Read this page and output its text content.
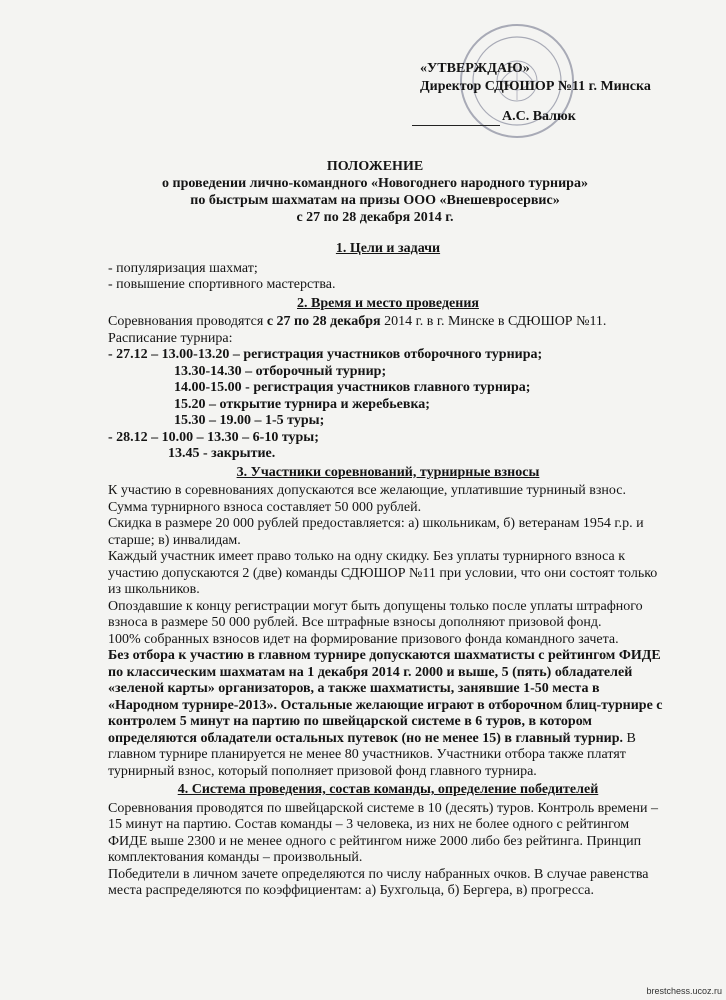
«УТВЕРЖДАЮ»
Директор СДЮШОР №11 г. Минска
А.С. Валюк
ПОЛОЖЕНИЕ
о проведении лично-командного «Новогоднего народного турнира»
по быстрым шахматам на призы ООО «Внешеврoсервис»
с 27 по 28 декабря 2014 г.
1. Цели и задачи

- популяризация шахмат;

- повышение спортивного мастерства.

2. Время и место проведения

Соревнования проводятся с 27 по 28 декабря 2014 г. в г. Минске в СДЮШОР №11.

Расписание турнира:

- 27.12 – 13.00-13.20 – регистрация участников отборочного турнира;
13.30-14.30 – отборочный турнир;
14.00-15.00 - регистрация участников главного турнира;
15.20 – открытие турнира и жеребьевка;
15.30 – 19.00 – 1-5 туры;
- 28.12 – 10.00 – 13.30 – 6-10 туры;
13.45 - закрытие.
3. Участники соревнований, турнирные взносы

К участию в соревнованиях допускаются все желающие, уплатившие турниный взнос. Сумма турнирного взноса составляет 50 000 рублей.

Скидка в размере 20 000 рублей предоставляется: а) школьникам, б) ветеранам 1954 г.р. и старше; в) инвалидам.

Каждый участник имеет право только на одну скидку. Без уплаты турнирного взноса к участию допускаются 2 (две) команды СДЮШОР №11 при условии, что они состоят только из школьников.

Опоздавшие к концу регистрации могут быть допущены только после уплаты штрафного взноса в размере 50 000 рублей. Все штрафные взносы дополняют призовой фонд.

100% собранных взносов идет на формирование призового фонда командного зачета.

Без отбора к участию в главном турнире допускаются шахматисты с рейтингом ФИДЕ по классическим шахматам на 1 декабря 2014 г. 2000 и выше, 5 (пять) обладателей «зеленой карты» организаторов, а также шахматисты, занявшие 1-50 места в «Народном турнире-2013». Остальные желающие играют в отборочном блиц-турнире с контролем 5 минут на партию по швейцарской системе в 6 туров, в котором определяются обладатели остальных путевок (но не менее 15) в главный турнир. В главном турнире планируется не менее 80 участников. Участники отбора также платят турнирный взнос, который пополняет призовой фонд главного турнира.

4. Система проведения, состав команды, определение победителей

Соревнования проводятся по швейцарской системе в 10 (десять) туров. Контроль времени – 15 минут на партию. Состав команды – 3 человека, из них не более одного с рейтингом ФИДЕ выше 2300 и не менее одного с рейтингом ниже 2000 либо без рейтинга. Принцип комплектования команды – произвольный.

Победители в личном зачете определяются по числу набранных очков. В случае равенства места распределяются по коэффициентам: а) Бухгольца, б) Бергера, в) прогресса.

brestchess.ucoz.ru
